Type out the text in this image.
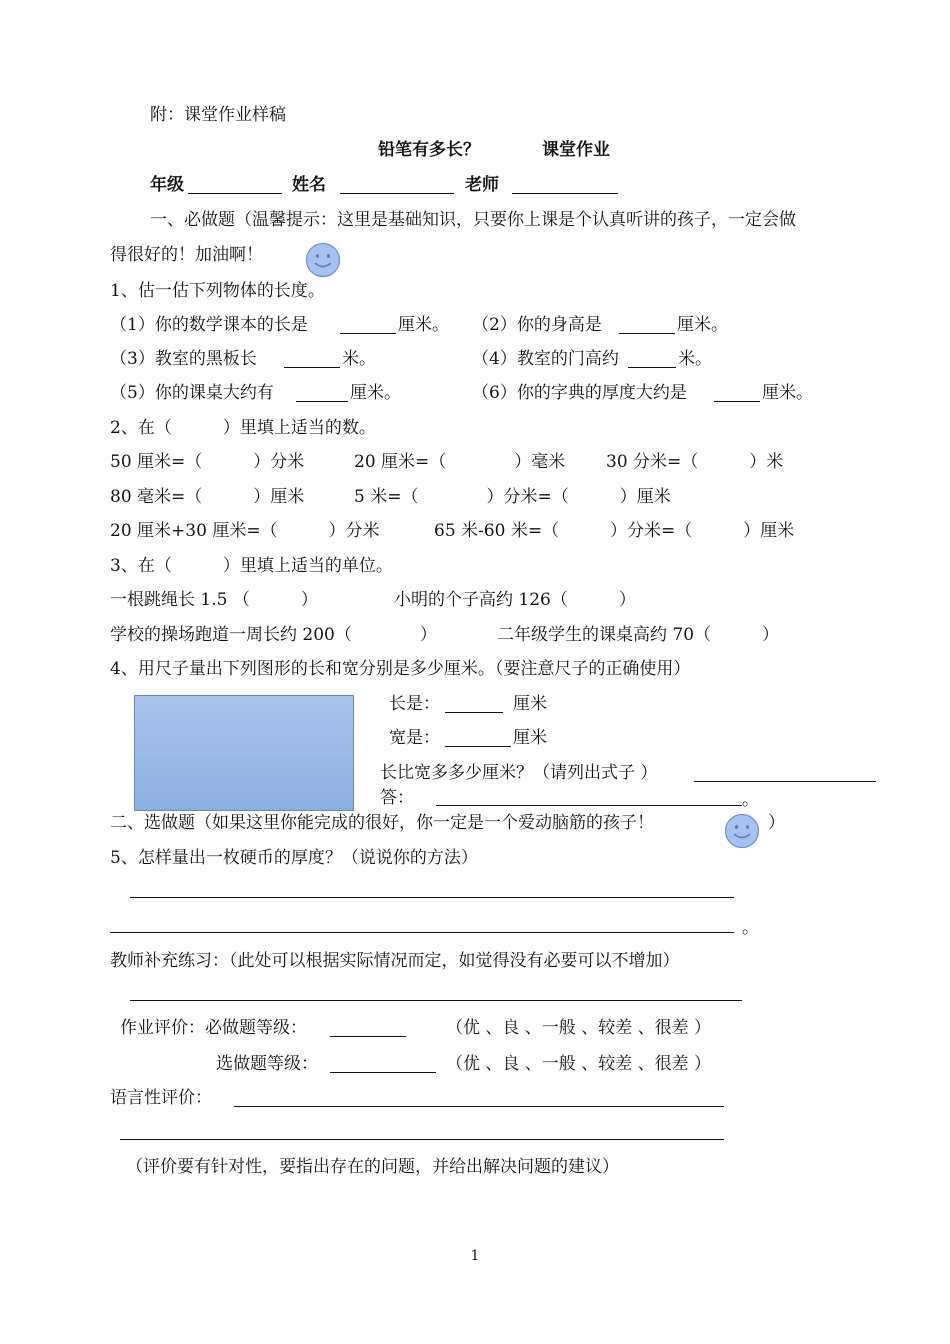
附：课堂作业样稿
铅笔有多长？	课堂作业
年级	姓名	老师
一、必做题（温馨提示：这里是基础知识，只要你上课是个认真听讲的孩子，一定会做
得很好的！加油啊！
1、估一估下列物体的长度。
（1）你的数学课本的长是	厘米。 （2）你的身高是	厘米。
（3）教室的黑板长	米。	（4）教室的门高约	米。
（5）你的课桌大约有	厘米。	（6）你的字典的厚度大约是	厘米。
2、在（　　　）里填上适当的数。
50 厘米=（　　　）分米	20 厘米=（　　　　）毫米 30 分米=（　　　）米
80 毫米=（　　　）厘米	5 米=（　　　　）分米=（　　　）厘米
20 厘米+30 厘米=（　　　）分米	65 米-60 米=（　　　）分米=（　　　）厘米
3、在（　　　）里填上适当的单位。
一根跳绳长 1.5 （　　　）	小明的个子高约 126（　　　）
学校的操场跑道一周长约 200（　　　　）	二年级学生的课桌高约 70（　　　）
4、用尺子量出下列图形的长和宽分别是多少厘米。（要注意尺子的正确使用）
长是：	厘米
宽是：	厘米
长比宽多多少厘米？（请列出式子 ）
答：	。
二、选做题（如果这里你能完成的很好，你一定是一个爱动脑筋的孩子！	）
5、怎样量出一枚硬币的厚度？（说说你的方法）
。
教师补充练习：（此处可以根据实际情况而定，如觉得没有必要可以不增加）
作业评价：必做题等级：	（优 、良 、一般 、较差 、很差 ）
选做题等级：	（优 、良 、一般 、较差 、很差 ）
语言性评价：
（评价要有针对性，要指出存在的问题，并给出解决问题的建议）
1
